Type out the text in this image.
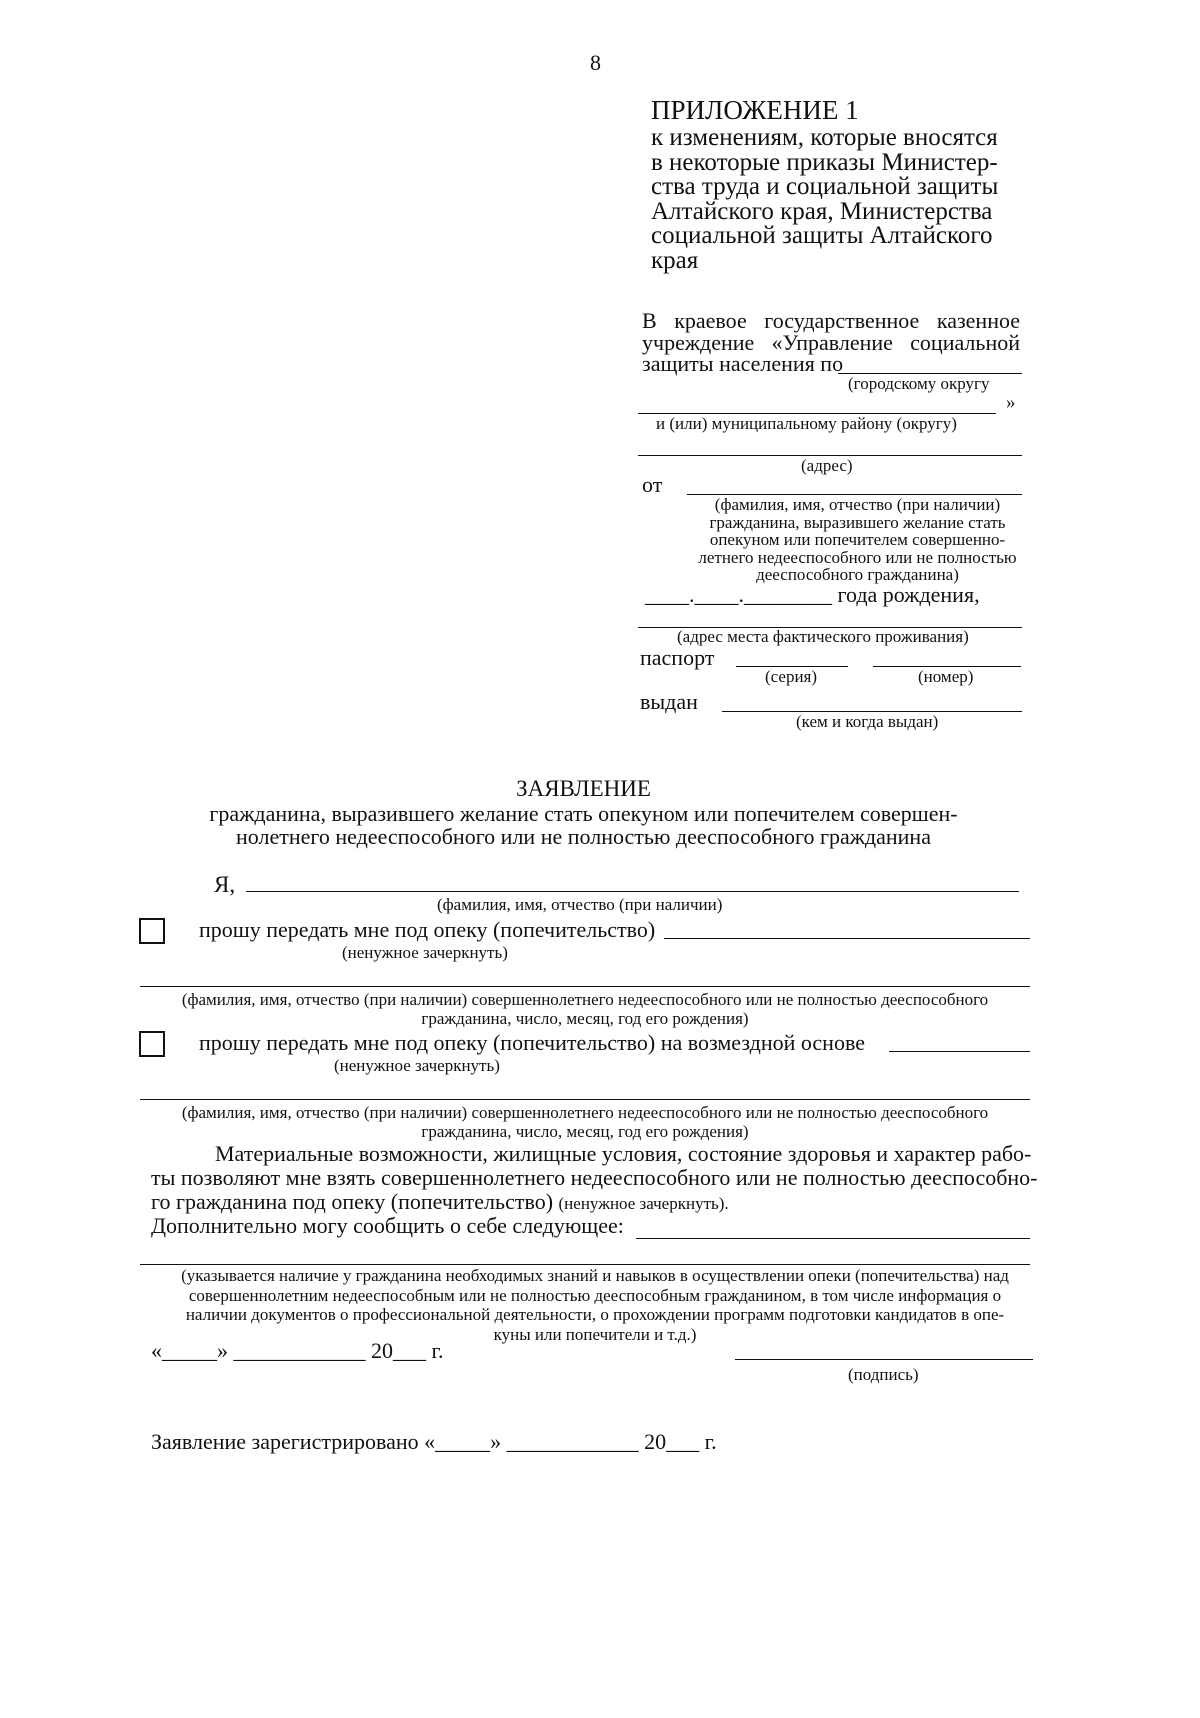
8
ПРИЛОЖЕНИЕ 1
к изменениям, которые вносятся
в некоторые приказы Министер-
ства труда и социальной защиты
Алтайского края, Министерства
социальной защиты Алтайского
края
В краевое государственное казенное
учреждение «Управление социальной
защиты населения по
(городскому округу
»
и (или) муниципальному району (округу)
(адрес)
от
(фамилия, имя, отчество (при наличии)
гражданина, выразившего желание стать
опекуном или попечителем совершенно-
летнего недееспособного или не полностью
дееспособного гражданина)
____.____.________ года рождения,
(адрес места фактического проживания)
паспорт
(серия)	(номер)
выдан
(кем и когда выдан)
ЗАЯВЛЕНИЕ
гражданина, выразившего желание стать опекуном или попечителем совершен-
нолетнего недееспособного или не полностью дееспособного гражданина
Я,
(фамилия, имя, отчество (при наличии)
прошу передать мне под опеку (попечительство)
(ненужное зачеркнуть)
(фамилия, имя, отчество (при наличии) совершеннолетнего недееспособного или не полностью дееспособного
гражданина, число, месяц, год его рождения)
прошу передать мне под опеку (попечительство) на возмездной основе
(ненужное зачеркнуть)
(фамилия, имя, отчество (при наличии) совершеннолетнего недееспособного или не полностью дееспособного
гражданина, число, месяц, год его рождения)
Материальные возможности, жилищные условия, состояние здоровья и характер рабо-
ты позволяют мне взять совершеннолетнего недееспособного или не полностью дееспособно-
го гражданина под опеку (попечительство) (ненужное зачеркнуть).
Дополнительно могу сообщить о себе следующее:
(указывается наличие у гражданина необходимых знаний и навыков в осуществлении опеки (попечительства) над
совершеннолетним недееспособным или не полностью дееспособным гражданином, в том числе информация о
наличии документов о профессиональной деятельности, о прохождении программ подготовки кандидатов в опе-
куны или попечители и т.д.)
«_____» ____________ 20___ г.
(подпись)
Заявление зарегистрировано «_____» ____________ 20___ г.
